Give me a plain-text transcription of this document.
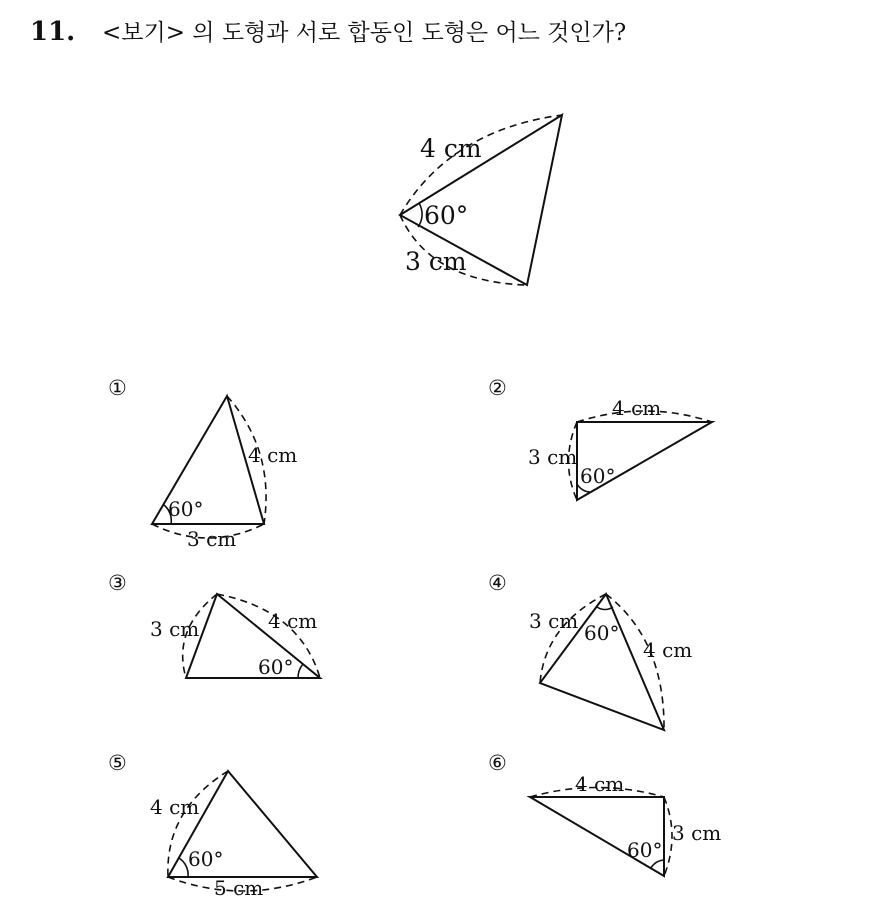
11. <보기> 의 도형과 서로 합동인 도형은 어느 것인가?
4 cm
60°
3 cm
①
4 cm
60°
3 cm
②
4 cm
3 cm
60°
③
3 cm	4 cm
60°
④
3 cm 60°
4 cm
⑤
4 cm
60°
5 cm
⑥
4 cm
3 cm
60°
